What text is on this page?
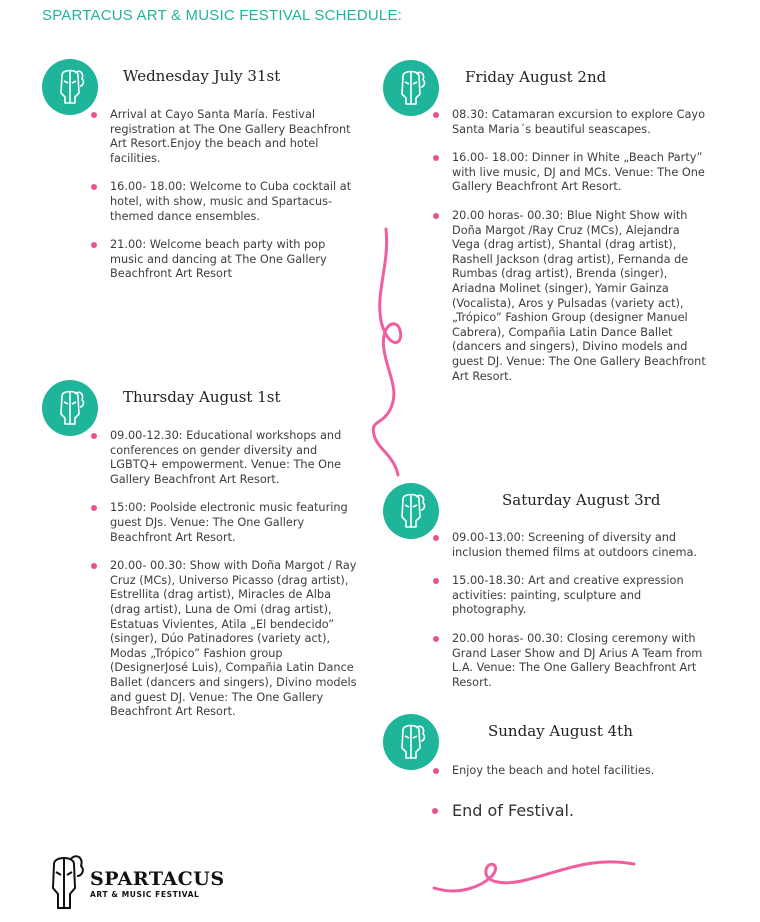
SPARTACUS ART & MUSIC FESTIVAL SCHEDULE:
Wednesday July 31st
Arrival at Cayo Santa María. Festival registration at The One Gallery Beachfront Art Resort.Enjoy the beach and hotel facilities.
16.00- 18.00: Welcome to Cuba cocktail at hotel, with show, music and Spartacus-themed dance ensembles.
21.00: Welcome beach party with pop music and dancing at The One Gallery Beachfront Art Resort
Thursday August 1st
09.00-12.30: Educational workshops and conferences on gender diversity and LGBTQ+ empowerment. Venue: The One Gallery Beachfront Art Resort.
15:00: Poolside electronic music featuring guest DJs. Venue: The One Gallery Beachfront Art Resort.
20.00- 00.30: Show with Doña Margot / Ray Cruz (MCs), Universo Picasso (drag artist), Estrellita (drag artist), Miracles de Alba (drag artist), Luna de Omi (drag artist), Estatuas Vivientes, Atila „El bendecido” (singer), Dúo Patinadores (variety act), Modas „Trópico” Fashion group (DesignerJosé Luis), Compañia Latin Dance Ballet (dancers and singers), Divino models and guest DJ. Venue: The One Gallery Beachfront Art Resort.
Friday August 2nd
08.30: Catamaran excursion to explore Cayo Santa Maria´s beautiful seascapes.
16.00- 18.00: Dinner in White „Beach Party” with live music, DJ and MCs. Venue: The One Gallery Beachfront Art Resort.
20.00 horas- 00.30: Blue Night Show with Doña Margot /Ray Cruz (MCs), Alejandra Vega (drag artist), Shantal (drag artist), Rashell Jackson (drag artist), Fernanda de Rumbas (drag artist), Brenda (singer), Ariadna Molinet (singer), Yamir Gainza (Vocalista), Aros y Pulsadas (variety act), „Trópico” Fashion Group (designer Manuel Cabrera), Compañia Latin Dance Ballet (dancers and singers), Divino models and guest DJ. Venue: The One Gallery Beachfront Art Resort.
Saturday August 3rd
09.00-13.00: Screening of diversity and inclusion themed films at outdoors cinema.
15.00-18.30: Art and creative expression activities: painting, sculpture and photography.
20.00 horas- 00.30: Closing ceremony with Grand Laser Show and DJ Arius A Team from L.A. Venue: The One Gallery Beachfront Art Resort.
Sunday August 4th
Enjoy the beach and hotel facilities.
End of Festival.
SPARTACUS
ART & MUSIC FESTIVAL
